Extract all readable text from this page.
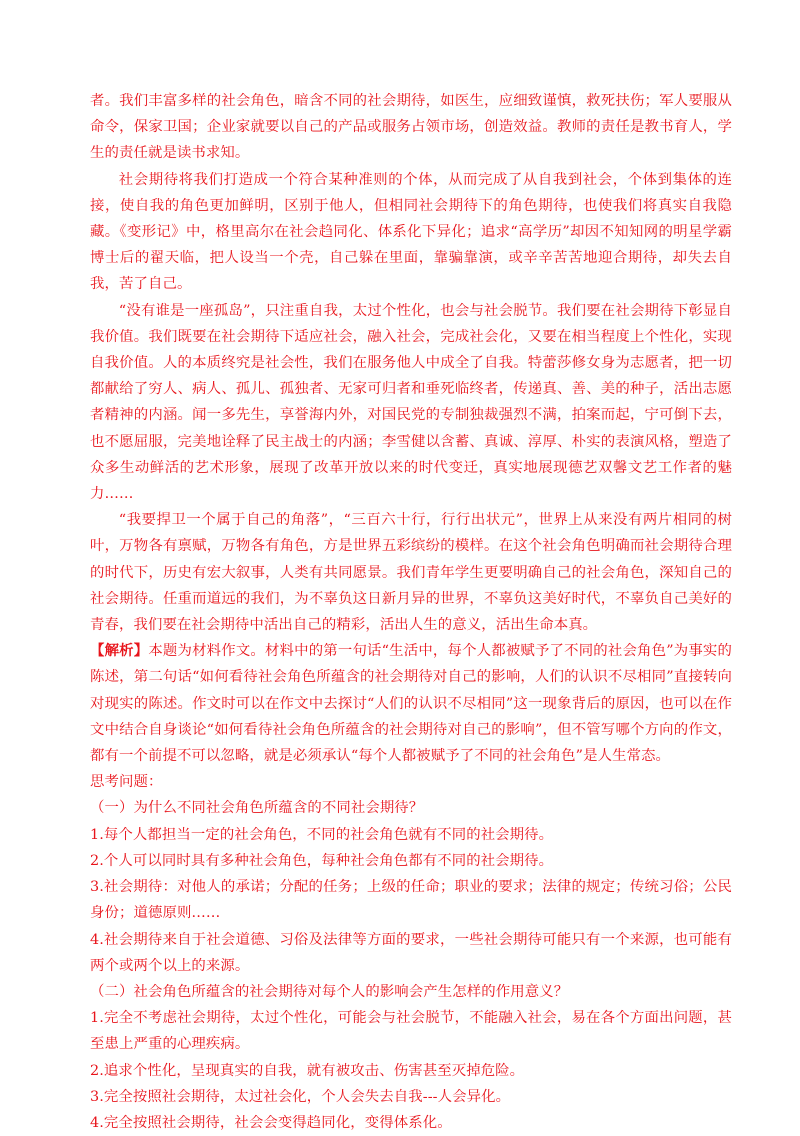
者。我们丰富多样的社会角色，暗含不同的社会期待，如医生，应细致谨慎，救死扶伤；军人要服从命令，保家卫国；企业家就要以自己的产品或服务占领市场，创造效益。教师的责任是教书育人，学生的责任就是读书求知。

社会期待将我们打造成一个符合某种准则的个体，从而完成了从自我到社会，个体到集体的连接，使自我的角色更加鲜明，区别于他人，但相同社会期待下的角色期待，也使我们将真实自我隐藏。《变形记》中，格里高尔在社会趋同化、体系化下异化；追求“高学历”却因不知知网的明星学霸博士后的翟天临，把人设当一个壳，自己躲在里面，靠骗靠演，或辛辛苦苦地迎合期待，却失去自我，苦了自己。

“没有谁是一座孤岛”，只注重自我，太过个性化，也会与社会脱节。我们要在社会期待下彰显自我价值。我们既要在社会期待下适应社会，融入社会，完成社会化，又要在相当程度上个性化，实现自我价值。人的本质终究是社会性，我们在服务他人中成全了自我。特蕾莎修女身为志愿者，把一切都献给了穷人、病人、孤儿、孤独者、无家可归者和垂死临终者，传递真、善、美的种子，活出志愿者精神的内涵。闻一多先生，享誉海内外，对国民党的专制独裁强烈不满，拍案而起，宁可倒下去，也不愿屈服，完美地诠释了民主战士的内涵；李雪健以含蓄、真诚、淳厚、朴实的表演风格，塑造了众多生动鲜活的艺术形象，展现了改革开放以来的时代变迁，真实地展现德艺双馨文艺工作者的魅力……

“我要捍卫一个属于自己的角落”，“三百六十行，行行出状元”，世界上从来没有两片相同的树叶，万物各有禀赋，万物各有角色，方是世界五彩缤纷的模样。在这个社会角色明确而社会期待合理的时代下，历史有宏大叙事，人类有共同愿景。我们青年学生更要明确自己的社会角色，深知自己的社会期待。任重而道远的我们，为不辜负这日新月异的世界，不辜负这美好时代，不辜负自己美好的青春，我们要在社会期待中活出自己的精彩，活出人生的意义，活出生命本真。

【解析】本题为材料作文。材料中的第一句话“生活中，每个人都被赋予了不同的社会角色”为事实的陈述，第二句话“如何看待社会角色所蕴含的社会期待对自己的影响，人们的认识不尽相同”直接转向对现实的陈述。作文时可以在作文中去探讨“人们的认识不尽相同”这一现象背后的原因，也可以在作文中结合自身谈论“如何看待社会角色所蕴含的社会期待对自己的影响”，但不管写哪个方向的作文，都有一个前提不可以忽略，就是必须承认“每个人都被赋予了不同的社会角色”是人生常态。

思考问题：

（一）为什么不同社会角色所蕴含的不同社会期待？

1.每个人都担当一定的社会角色，不同的社会角色就有不同的社会期待。

2.个人可以同时具有多种社会角色，每种社会角色都有不同的社会期待。

3.社会期待：对他人的承诺；分配的任务；上级的任命；职业的要求；法律的规定；传统习俗；公民身份；道德原则……

4.社会期待来自于社会道德、习俗及法律等方面的要求，一些社会期待可能只有一个来源，也可能有两个或两个以上的来源。

（二）社会角色所蕴含的社会期待对每个人的影响会产生怎样的作用意义？

1.完全不考虑社会期待，太过个性化，可能会与社会脱节，不能融入社会，易在各个方面出问题，甚至患上严重的心理疾病。

2.追求个性化，呈现真实的自我，就有被攻击、伤害甚至灭掉危险。

3.完全按照社会期待，太过社会化，个人会失去自我---人会异化。

4.完全按照社会期待，社会会变得趋同化，变得体系化。
